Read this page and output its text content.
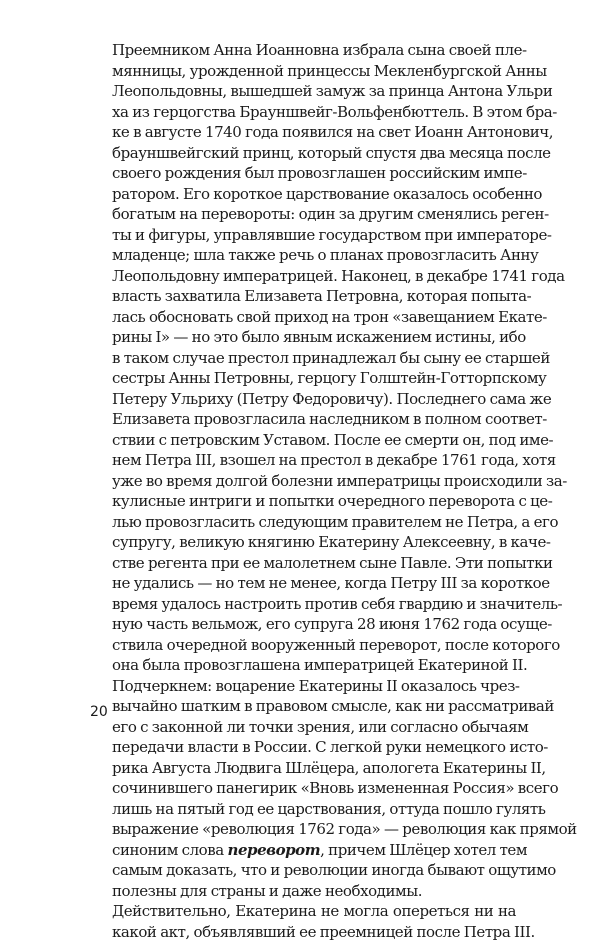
Преемником Анна Иоанновна избрала сына своей пле-
мянницы, урожденной принцессы Мекленбургской Анны
Леопольдовны, вышедшей замуж за принца Антона Ульри
ха из герцогства Брауншвейг-Вольфенбюттель. В этом бра-
ке в августе 1740 года появился на свет Иоанн Антонович,
брауншвейгский принц, который спустя два месяца после
своего рождения был провозглашен российским импе-
ратором. Его короткое царствование оказалось особенно
богатым на перевороты: один за другим сменялись реген-
ты и фигуры, управлявшие государством при императоре-
младенце; шла также речь о планах провозгласить Анну
Леопольдовну императрицей. Наконец, в декабре 1741 года
власть захватила Елизавета Петровна, которая попыта-
лась обосновать свой приход на трон «завещанием Екате-
рины I» — но это было явным искажением истины, ибо
в таком случае престол принадлежал бы сыну ее старшей
сестры Анны Петровны, герцогу Голштейн-Готторпскому
Петеру Ульриху (Петру Федоровичу). Последнего сама же
Елизавета провозгласила наследником в полном соответ-
ствии с петровским Уставом. После ее смерти он, под име-
нем Петра III, взошел на престол в декабре 1761 года, хотя
уже во время долгой болезни императрицы происходили за-
кулисные интриги и попытки очередного переворота с це-
лью провозгласить следующим правителем не Петра, а его
супругу, великую княгиню Екатерину Алексеевну, в каче-
стве регента при ее малолетнем сыне Павле. Эти попытки
не удались — но тем не менее, когда Петру III за короткое
время удалось настроить против себя гвардию и значитель-
ную часть вельмож, его супруга 28 июня 1762 года осуще-
ствила очередной вооруженный переворот, после которого
она была провозглашена императрицей Екатериной II.
Подчеркнем: воцарение Екатерины II оказалось чрез-
вычайно шатким в правовом смысле, как ни рассматривай
его с законной ли точки зрения, или согласно обычаям
передачи власти в России. С легкой руки немецкого исто-
рика Августа Людвига Шлёцера, апологета Екатерины II,
сочинившего панегирик «Вновь измененная Россия» всего
лишь на пятый год ее царствования, оттуда пошло гулять
выражение «революция 1762 года» — революция как прямой
синоним слова переворот, причем Шлёцер хотел тем
самым доказать, что и революции иногда бывают ощутимо
полезны для страны и даже необходимы.
Действительно, Екатерина не могла опереться ни на
какой акт, объявлявший ее преемницей после Петра III.
20
